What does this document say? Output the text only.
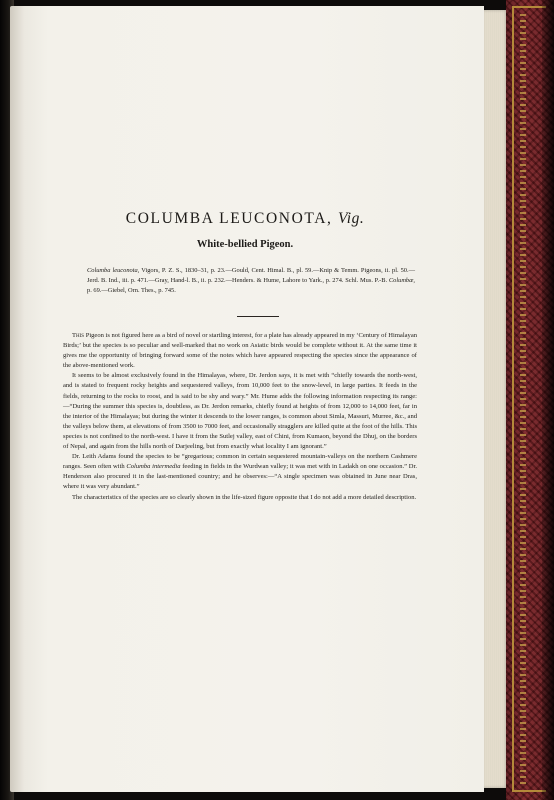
COLUMBA LEUCONOTA, Vig.
White-bellied Pigeon.
Columba leuconota, Vigors, P. Z. S., 1830–31, p. 23.—Gould, Cent. Himal. B., pl. 59.—Knip & Temm. Pigeons, ii. pl. 50.—Jerd. B. Ind., iii. p. 471.—Gray, Hand-l. B., ii. p. 232.—Henders. & Hume, Lahore to Yark., p. 274. Schl. Mus. P.-B. Columbæ, p. 69.—Giebel, Orn. Thes., p. 745.

This Pigeon is not figured here as a bird of novel or startling interest, for a plate has already appeared in my ‘Century of Himalayan Birds;’ but the species is so peculiar and well-marked that no work on Asiatic birds would be complete without it. At the same time it gives me the opportunity of bringing forward some of the notes which have appeared respecting the species since the appearance of the above-mentioned work.

It seems to be almost exclusively found in the Himalayas, where, Dr. Jerdon says, it is met with “chiefly towards the north-west, and is stated to frequent rocky heights and sequestered valleys, from 10,000 feet to the snow-level, in large parties. It feeds in the fields, returning to the rocks to roost, and is said to be shy and wary.” Mr. Hume adds the following information respecting its range:—“During the summer this species is, doubtless, as Dr. Jerdon remarks, chiefly found at heights of from 12,000 to 14,000 feet, far in the interior of the Himalayas; but during the winter it descends to the lower ranges, is common about Simla, Massuri, Murree, &c., and the valleys below them, at elevations of from 3500 to 7000 feet, and occasionally stragglers are killed quite at the foot of the hills. This species is not confined to the north-west. I have it from the Sutlej valley, east of Chini, from Kumaon, beyond the Dhuj, on the borders of Nepal, and again from the hills north of Darjeeling, but from exactly what locality I am ignorant.”

Dr. Leith Adams found the species to be “gregarious; common in certain sequestered mountain-valleys on the northern Cashmere ranges. Seen often with Columba intermedia feeding in fields in the Wurdwan valley; it was met with in Ladakh on one occasion.” Dr. Henderson also procured it in the last-mentioned country; and he observes:—“A single specimen was obtained in June near Dras, where it was very abundant.”

The characteristics of the species are so clearly shown in the life-sized figure opposite that I do not add a more detailed description.
